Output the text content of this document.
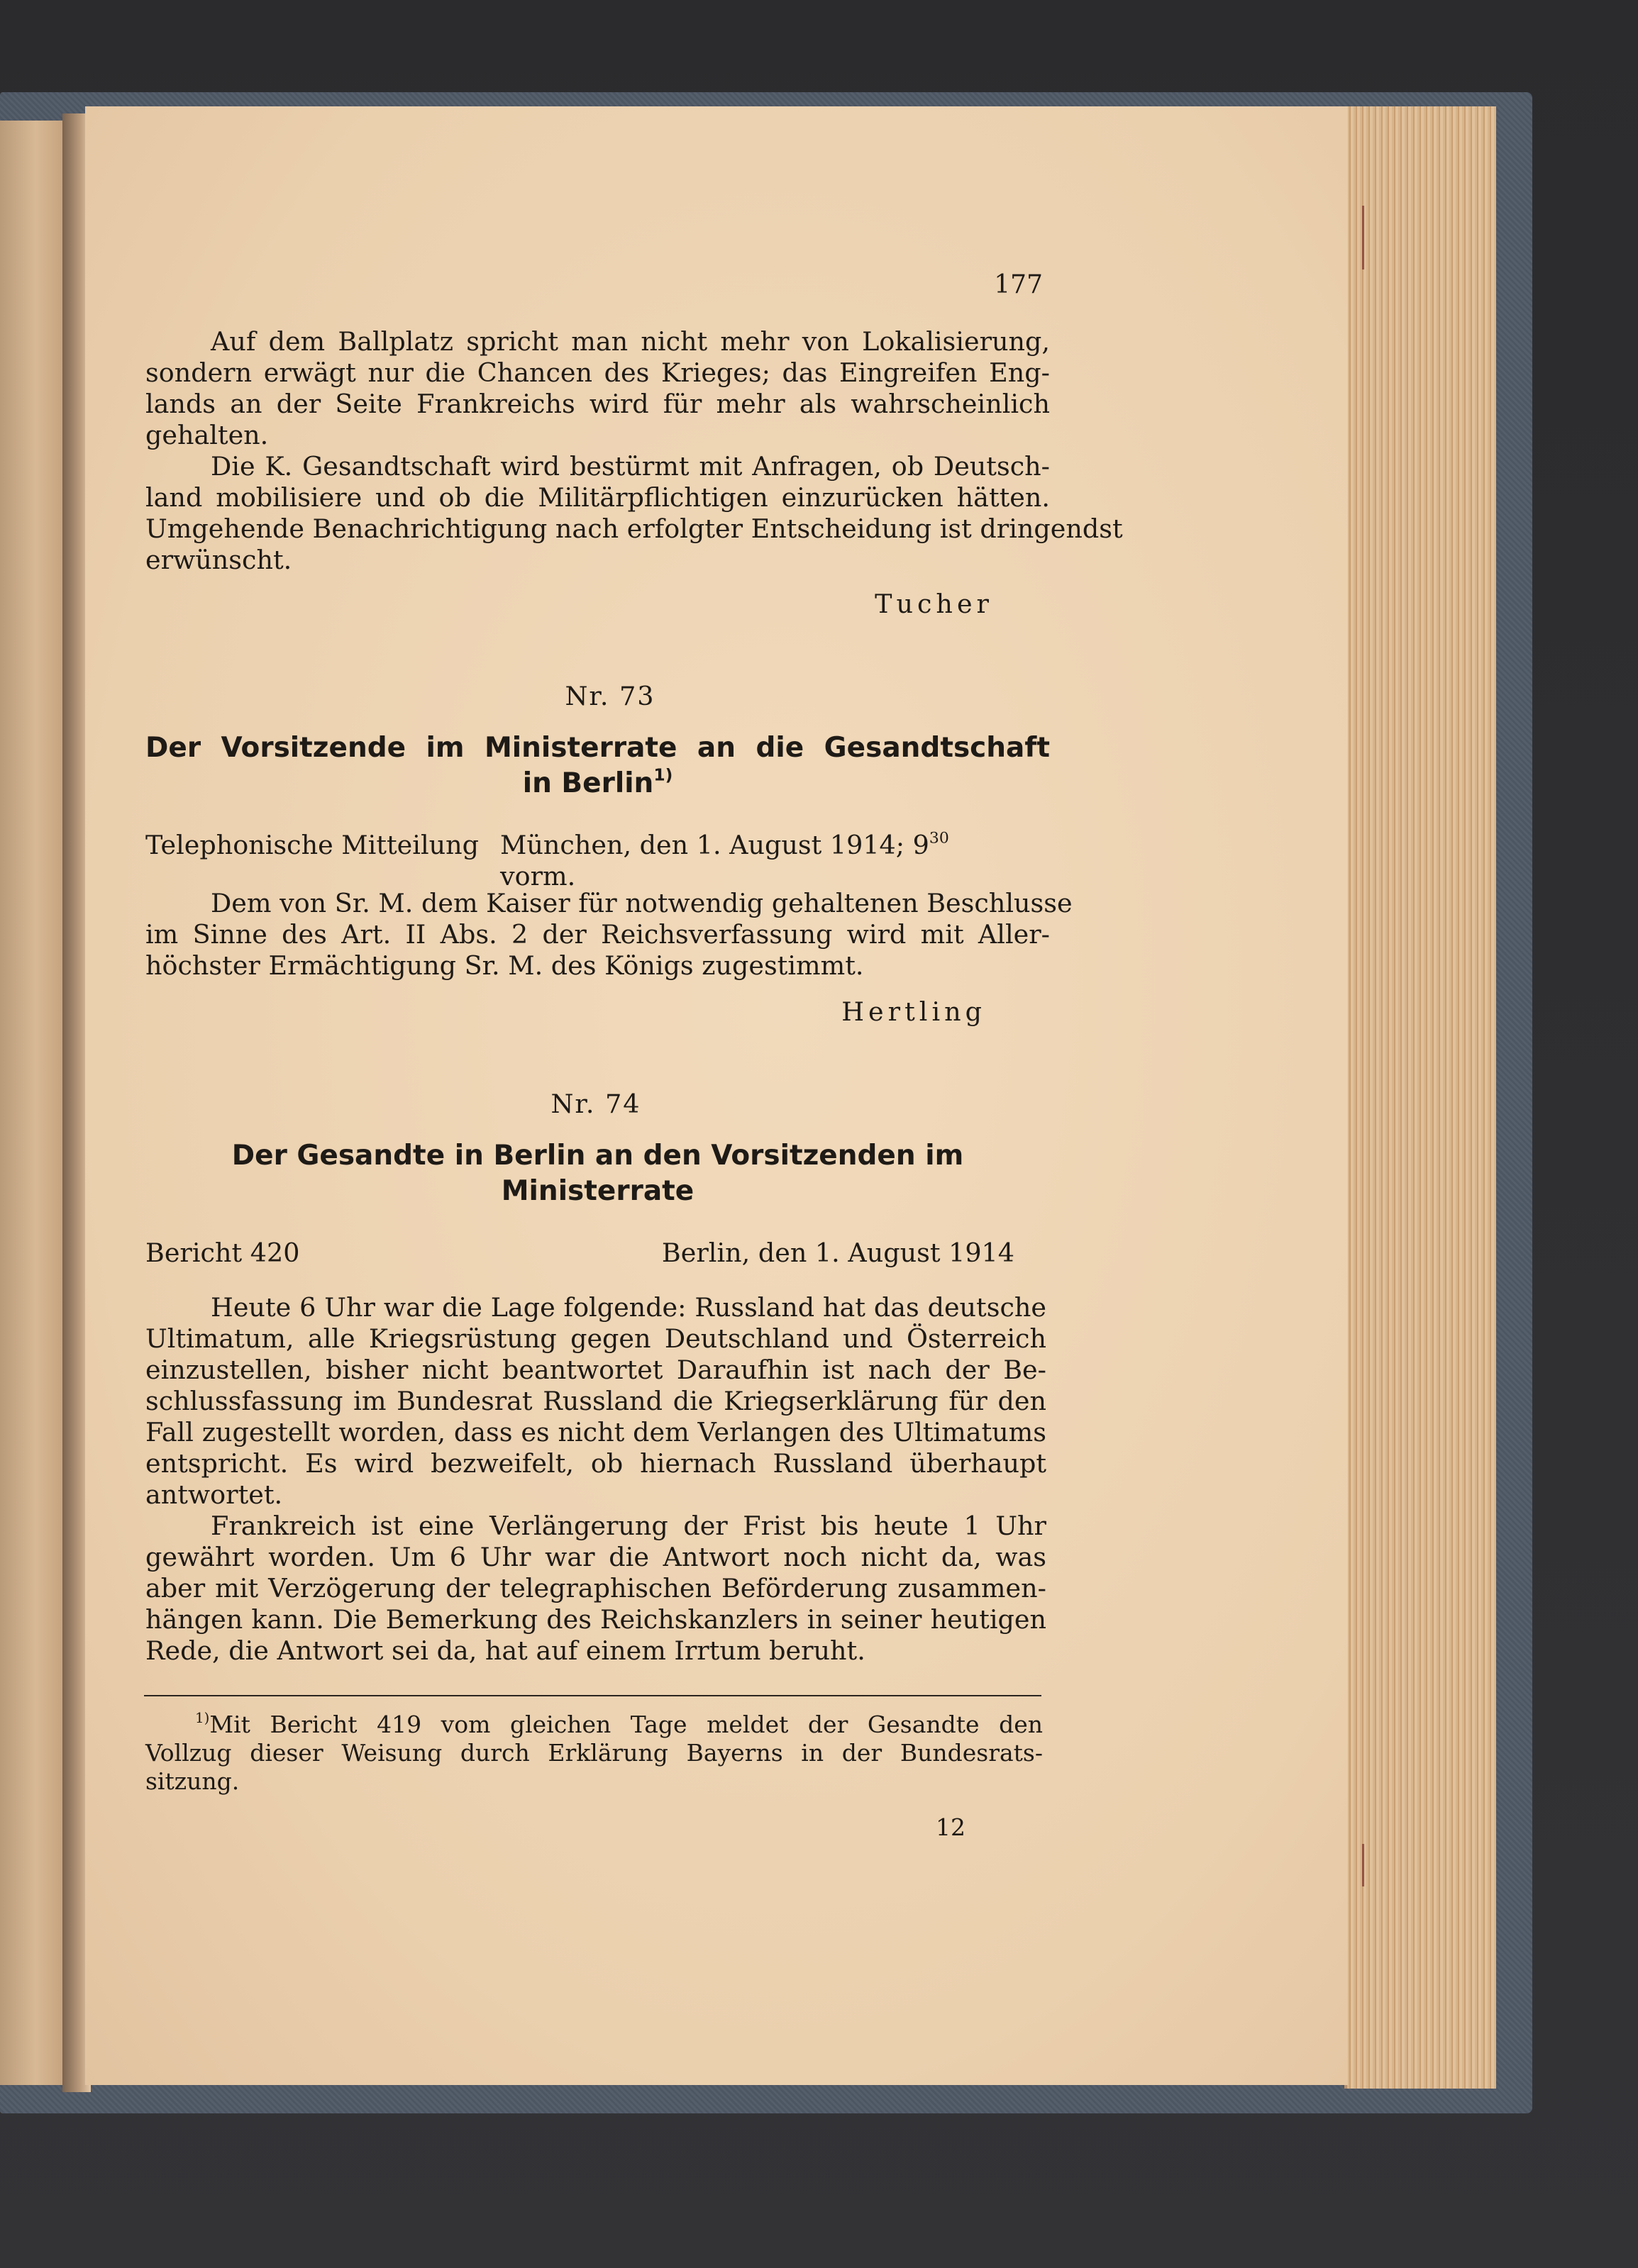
177
Auf dem Ballplatz spricht man nicht mehr von Lokalisierung,
sondern erwägt nur die Chancen des Krieges; das Eingreifen Eng-
lands an der Seite Frankreichs wird für mehr als wahrscheinlich
gehalten.
Die K. Gesandtschaft wird bestürmt mit Anfragen, ob Deutsch-
land mobilisiere und ob die Militärpflichtigen einzurücken hätten.
Umgehende Benachrichtigung nach erfolgter Entscheidung ist dringendst
erwünscht.
Tucher
Nr. 73
Der Vorsitzende im Ministerrate an die Gesandtschaft
in Berlin$^{1)}$
Telephonische Mitteilung München, den 1. August 1914; $9^{30}$ vorm.
Dem von Sr. M. dem Kaiser für notwendig gehaltenen Beschlusse
im Sinne des Art. II Abs. 2 der Reichsverfassung wird mit Aller-
höchster Ermächtigung Sr. M. des Königs zugestimmt.
Hertling
Nr. 74
Der Gesandte in Berlin an den Vorsitzenden im
Ministerrate
Bericht 420	Berlin, den 1. August 1914
Heute 6 Uhr war die Lage folgende: Russland hat das deutsche
Ultimatum, alle Kriegsrüstung gegen Deutschland und Österreich
einzustellen, bisher nicht beantwortet Daraufhin ist nach der Be-
schlussfassung im Bundesrat Russland die Kriegserklärung für den
Fall zugestellt worden, dass es nicht dem Verlangen des Ultimatums
entspricht. Es wird bezweifelt, ob hiernach Russland überhaupt
antwortet.
Frankreich ist eine Verlängerung der Frist bis heute 1 Uhr
gewährt worden. Um 6 Uhr war die Antwort noch nicht da, was
aber mit Verzögerung der telegraphischen Beförderung zusammen-
hängen kann. Die Bemerkung des Reichskanzlers in seiner heutigen
Rede, die Antwort sei da, hat auf einem Irrtum beruht.
$^{1)}$Mit Bericht 419 vom gleichen Tage meldet der Gesandte den
Vollzug dieser Weisung durch Erklärung Bayerns in der Bundesrats-
sitzung.
12
